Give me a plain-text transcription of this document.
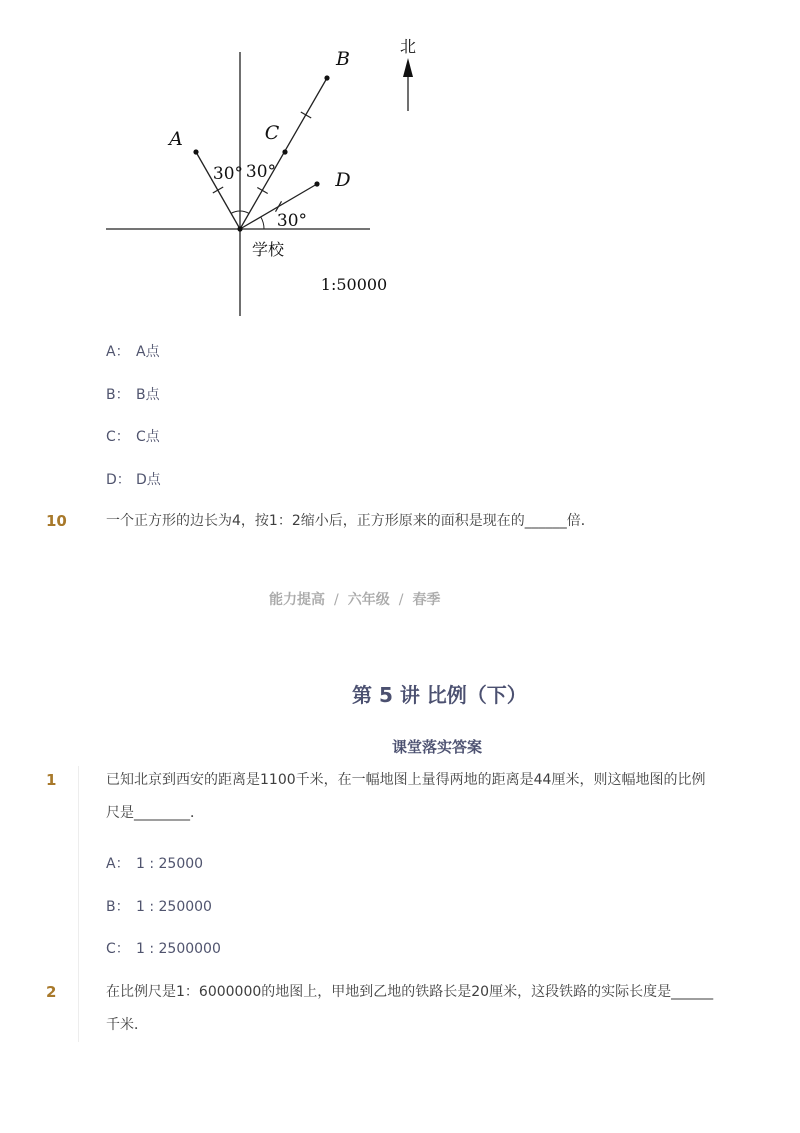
A
B
C
D
30° 30°
30°
学校
1:50000
北
A： A点
B： B点
C： C点
D： D点
10	一个正方形的边长为4，按1：2缩小后，正方形原来的面积是现在的______倍．
能力提高 / 六年级 / 春季
第 5 讲 比例（下）
课堂落实答案
1	已知北京到西安的距离是1100千米，在一幅地图上量得两地的距离是44厘米，则这幅地图的比例
尺是________．
A： 1 : 25000
B： 1 : 250000
C： 1 : 2500000
2	在比例尺是1：6000000的地图上，甲地到乙地的铁路长是20厘米，这段铁路的实际长度是______
千米．
